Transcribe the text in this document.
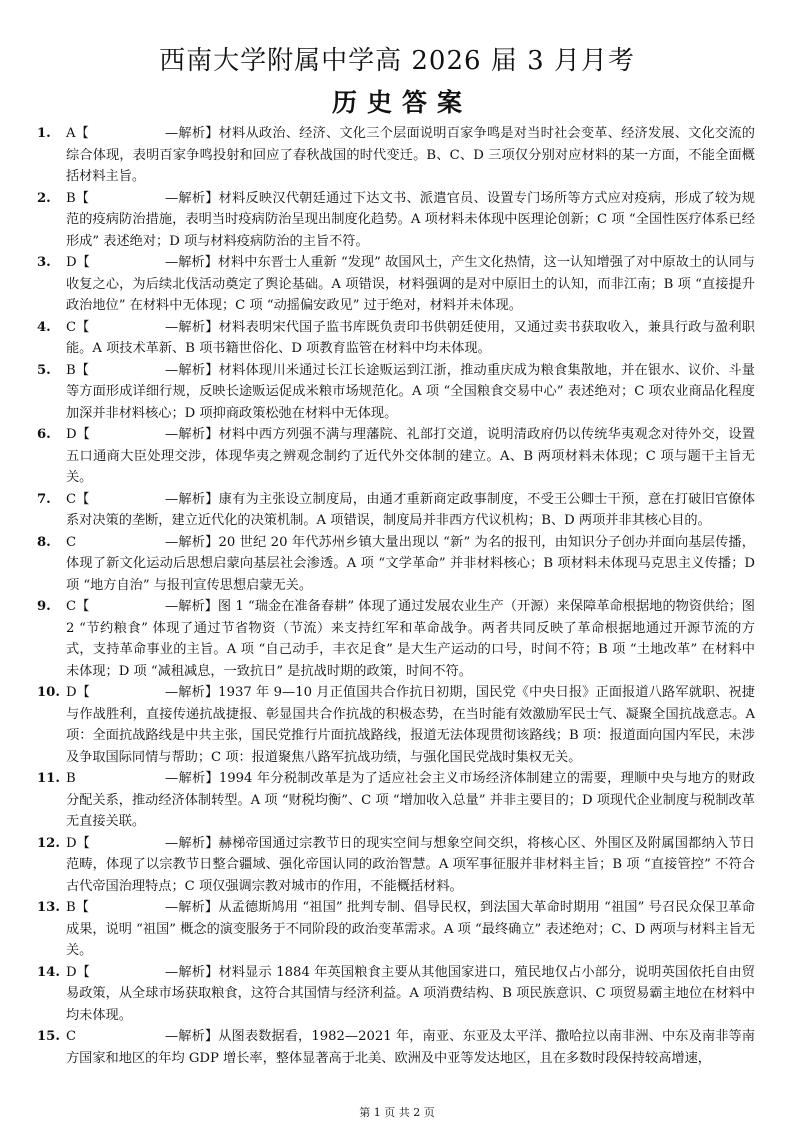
西南大学附属中学高 2026 届 3 月月考
历史答案
1. A【	—解析】材料从政治、经济、文化三个层面说明百家争鸣是对当时社会变革、经济发展、文化交流的综合体现，表明百家争鸣投射和回应了春秋战国的时代变迁。B、C、D 三项仅分别对应材料的某一方面，不能全面概括材料主旨。
2. B【	—解析】材料反映汉代朝廷通过下达文书、派遣官员、设置专门场所等方式应对疫病，形成了较为规范的疫病防治措施，表明当时疫病防治呈现出制度化趋势。A 项材料未体现中医理论创新；C 项 “全国性医疗体系已经形成” 表述绝对；D 项与材料疫病防治的主旨不符。
3. D【	—解析】材料中东晋士人重新 “发现” 故国风土，产生文化热情，这一认知增强了对中原故土的认同与收复之心，为后续北伐活动奠定了舆论基础。A 项错误，材料强调的是对中原旧土的认知，而非江南；B 项 “直接提升政治地位” 在材料中无体现；C 项 “动摇偏安政见” 过于绝对，材料并未体现。
4. C【	—解析】材料表明宋代国子监书库既负责印书供朝廷使用，又通过卖书获取收入，兼具行政与盈利职能。A 项技术革新、B 项书籍世俗化、D 项教育监管在材料中均未体现。
5. B【	—解析】材料体现川米通过长江长途贩运到江浙，推动重庆成为粮食集散地，并在银水、议价、斗量等方面形成详细行规，反映长途贩运促成米粮市场规范化。A 项 “全国粮食交易中心” 表述绝对；C 项农业商品化程度加深并非材料核心；D 项抑商政策松弛在材料中无体现。
6. D【	—解析】材料中西方列强不满与理藩院、礼部打交道，说明清政府仍以传统华夷观念对待外交，设置五口通商大臣处理交涉，体现华夷之辨观念制约了近代外交体制的建立。A、B 两项材料未体现；C 项与题干主旨无关。
7. C【	—解析】康有为主张设立制度局，由通才重新商定政事制度，不受王公卿士干预，意在打破旧官僚体系对决策的垄断，建立近代化的决策机制。A 项错误，制度局并非西方代议机构；B、D 两项并非其核心目的。
8. C	—解析】20 世纪 20 年代苏州乡镇大量出现以 “新” 为名的报刊，由知识分子创办并面向基层传播，体现了新文化运动后思想启蒙向基层社会渗透。A 项 “文学革命” 并非材料核心；B 项材料未体现马克思主义传播；D 项 “地方自治” 与报刊宣传思想启蒙无关。
9. C【	—解析】图 1 “瑞金在准备春耕” 体现了通过发展农业生产（开源）来保障革命根据地的物资供给；图 2 “节约粮食” 体现了通过节省物资（节流）来支持红军和革命战争。两者共同反映了革命根据地通过开源节流的方式，支持革命事业的主旨。A 项 “自己动手，丰衣足食” 是大生产运动的口号，时间不符；B 项 “土地改革” 在材料中未体现；D 项 “减租减息，一致抗日” 是抗战时期的政策，时间不符。
10. D【	—解析】1937 年 9—10 月正值国共合作抗日初期，国民党《中央日报》正面报道八路军就职、祝捷与作战胜利，直接传递抗战捷报、彰显国共合作抗战的积极态势，在当时能有效激励军民士气、凝聚全国抗战意志。A 项：全面抗战路线是中共主张，国民党推行片面抗战路线，报道无法体现贯彻该路线；B 项：报道面向国内军民，未涉及争取国际同情与帮助；C 项：报道聚焦八路军抗战功绩，与强化国民党战时集权无关。
11. B	—解析】1994 年分税制改革是为了适应社会主义市场经济体制建立的需要，理顺中央与地方的财政分配关系，推动经济体制转型。A 项 “财税均衡”、C 项 “增加收入总量” 并非主要目的；D 项现代企业制度与税制改革无直接关联。
12. D【	—解析】赫梯帝国通过宗教节日的现实空间与想象空间交织，将核心区、外围区及附属国都纳入节日范畴，体现了以宗教节日整合疆域、强化帝国认同的政治智慧。A 项军事征服并非材料主旨；B 项 “直接管控” 不符合古代帝国治理特点；C 项仅强调宗教对城市的作用，不能概括材料。
13. B【	—解析】从孟德斯鸠用 “祖国” 批判专制、倡导民权，到法国大革命时期用 “祖国” 号召民众保卫革命成果，说明 “祖国” 概念的演变服务于不同阶段的政治变革需求。A 项 “最终确立” 表述绝对；C、D 两项与材料主旨无关。
14. D【	—解析】材料显示 1884 年英国粮食主要从其他国家进口，殖民地仅占小部分，说明英国依托自由贸易政策，从全球市场获取粮食，这符合其国情与经济利益。A 项消费结构、B 项民族意识、C 项贸易霸主地位在材料中均未体现。
15. C	—解析】从图表数据看，1982—2021 年，南亚、东亚及太平洋、撒哈拉以南非洲、中东及南非等南方国家和地区的年均 GDP 增长率，整体显著高于北美、欧洲及中亚等发达地区，且在多数时段保持较高增速，
第 1 页 共 2 页
